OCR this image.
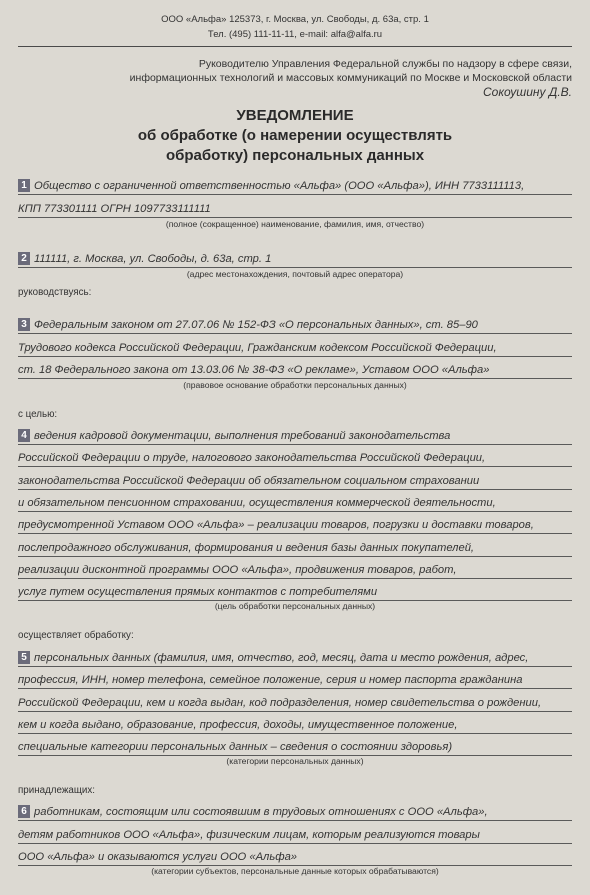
ООО «Альфа» 125373, г. Москва, ул. Свободы, д. 63а, стр. 1
Тел. (495) 111-11-11, e-mail: alfa@alfa.ru
Руководителю Управления Федеральной службы по надзору в сфере связи,
информационных технологий и массовых коммуникаций по Москве и Московской области
Сокоушину Д.В.
УВЕДОМЛЕНИЕ
об обработке (о намерении осуществлять
обработку) персональных данных
1 Общество с ограниченной ответственностью «Альфа» (ООО «Альфа»), ИНН 7733111113,
КПП 773301111 ОГРН 1097733111111
(полное (сокращенное) наименование, фамилия, имя, отчество)
2 111111, г. Москва, ул. Свободы, д. 63а, стр. 1
(адрес местонахождения, почтовый адрес оператора)
руководствуясь:
3 Федеральным законом от 27.07.06 № 152-ФЗ «О персональных данных», ст. 85–90
Трудового кодекса Российской Федерации, Гражданским кодексом Российской Федерации,
ст. 18 Федерального закона от 13.03.06 № 38-ФЗ «О рекламе», Уставом ООО «Альфа»
(правовое основание обработки персональных данных)
с целью:
4 ведения кадровой документации, выполнения требований законодательства
Российской Федерации о труде, налогового законодательства Российской Федерации,
законодательства Российской Федерации об обязательном социальном страховании
и обязательном пенсионном страховании, осуществления коммерческой деятельности,
предусмотренной Уставом ООО «Альфа» – реализации товаров, погрузки и доставки товаров,
послепродажного обслуживания, формирования и ведения базы данных покупателей,
реализации дисконтной программы ООО «Альфа», продвижения товаров, работ,
услуг путем осуществления прямых контактов с потребителями
(цель обработки персональных данных)
осуществляет обработку:
5 персональных данных (фамилия, имя, отчество, год, месяц, дата и место рождения, адрес,
профессия, ИНН, номер телефона, семейное положение, серия и номер паспорта гражданина
Российской Федерации, кем и когда выдан, код подразделения, номер свидетельства о рождении,
кем и когда выдано, образование, профессия, доходы, имущественное положение,
специальные категории персональных данных – сведения о состоянии здоровья)
(категории персональных данных)
принадлежащих:
6 работникам, состоящим или состоявшим в трудовых отношениях с ООО «Альфа»,
детям работников ООО «Альфа», физическим лицам, которым реализуются товары
ООО «Альфа» и оказываются услуги ООО «Альфа»
(категории субъектов, персональные данные которых обрабатываются)
